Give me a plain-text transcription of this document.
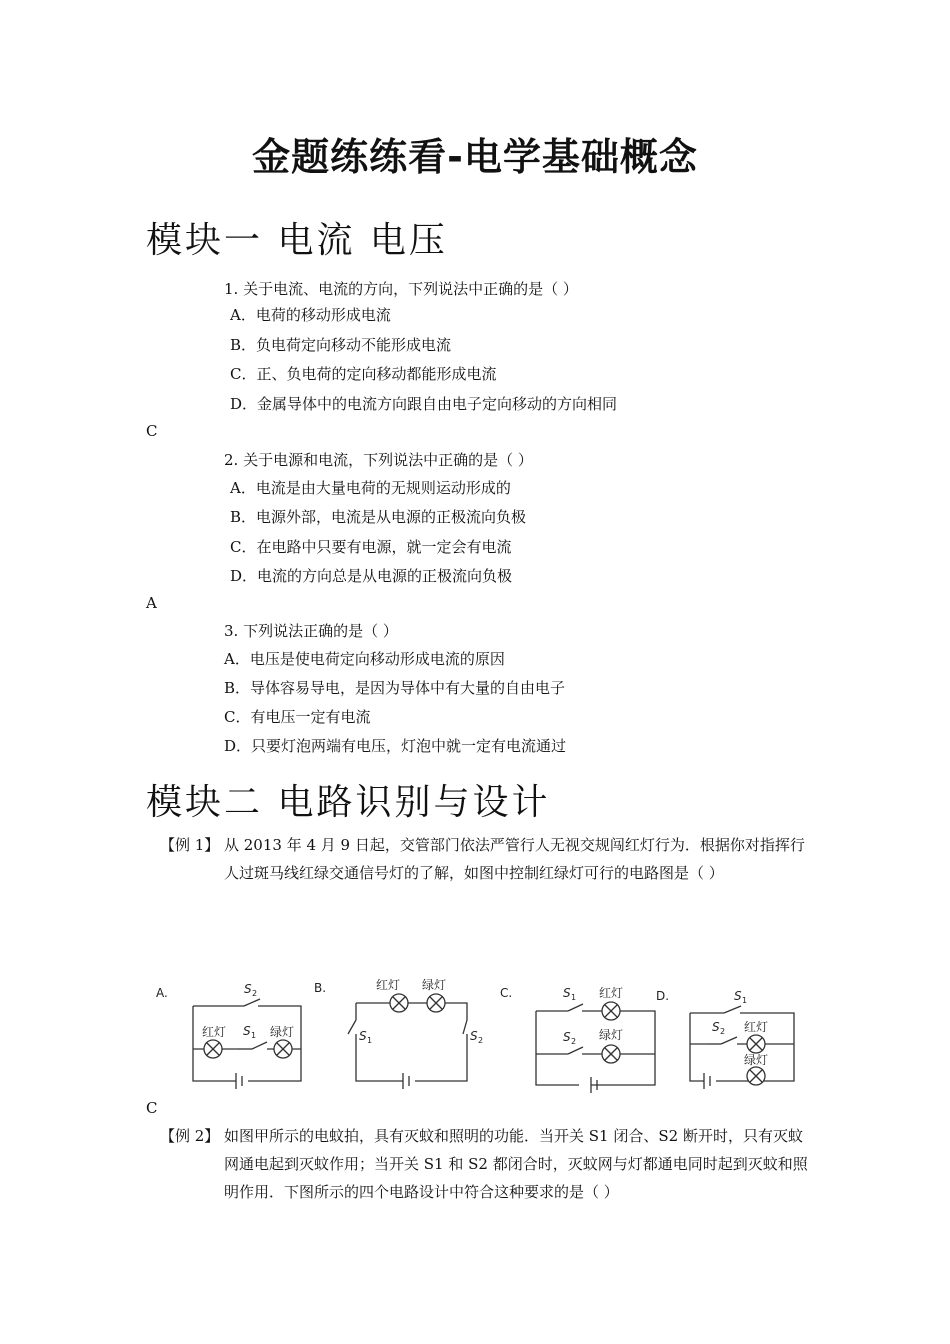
金题练练看-电学基础概念
模块一 电流 电压
1. 关于电流、电流的方向，下列说法中正确的是（ ）
A．电荷的移动形成电流
B．负电荷定向移动不能形成电流
C．正、负电荷的定向移动都能形成电流
D．金属导体中的电流方向跟自由电子定向移动的方向相同
C
2. 关于电源和电流，下列说法中正确的是（ ）
A．电流是由大量电荷的无规则运动形成的
B．电源外部，电流是从电源的正极流向负极
C．在电路中只要有电源，就一定会有电流
D．电流的方向总是从电源的正极流向负极
A
3. 下列说法正确的是（ ）
A．电压是使电荷定向移动形成电流的原因
B．导体容易导电，是因为导体中有大量的自由电子
C．有电压一定有电流
D．只要灯泡两端有电压，灯泡中就一定有电流通过
模块二 电路识别与设计
【例 1】 从 2013 年 4 月 9 日起，交管部门依法严管行人无视交规闯红灯行为．根据你对指挥行人过斑马线红绿交通信号灯的了解，如图中控制红绿灯可行的电路图是（ ）
A.	B.	C.	D.
S 2
红灯 S 1 绿灯
红灯 绿灯
S 1	S 2
S 1 红灯
S 2 绿灯
S 1
S 2 红灯
绿灯
C
【例 2】 如图甲所示的电蚊拍，具有灭蚊和照明的功能．当开关 S1 闭合、S2 断开时，只有灭蚊网通电起到灭蚊作用；当开关 S1 和 S2 都闭合时，灭蚊网与灯都通电同时起到灭蚊和照明作用．下图所示的四个电路设计中符合这种要求的是（ ）
